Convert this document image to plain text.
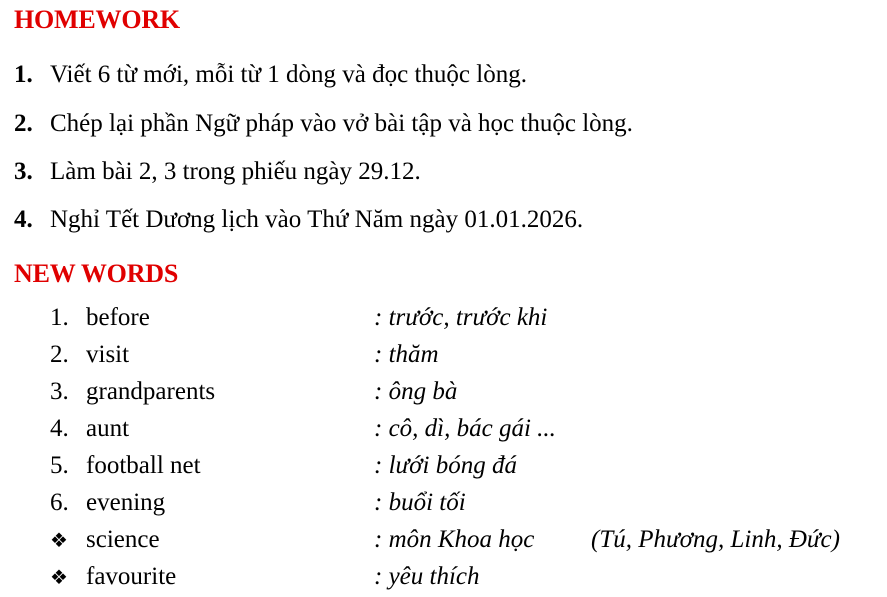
HOMEWORK
1. Viết 6 từ mới, mỗi từ 1 dòng và đọc thuộc lòng.
2. Chép lại phần Ngữ pháp vào vở bài tập và học thuộc lòng.
3. Làm bài 2, 3 trong phiếu ngày 29.12.
4. Nghỉ Tết Dương lịch vào Thứ Năm ngày 01.01.2026.
NEW WORDS
1. before	: trước, trước khi
2. visit	: thăm
3. grandparents	: ông bà
4. aunt	: cô, dì, bác gái ...
5. football net	: lưới bóng đá
6. evening	: buổi tối
❖ science	: môn Khoa học (Tú, Phương, Linh, Đức)
❖ favourite	: yêu thích
